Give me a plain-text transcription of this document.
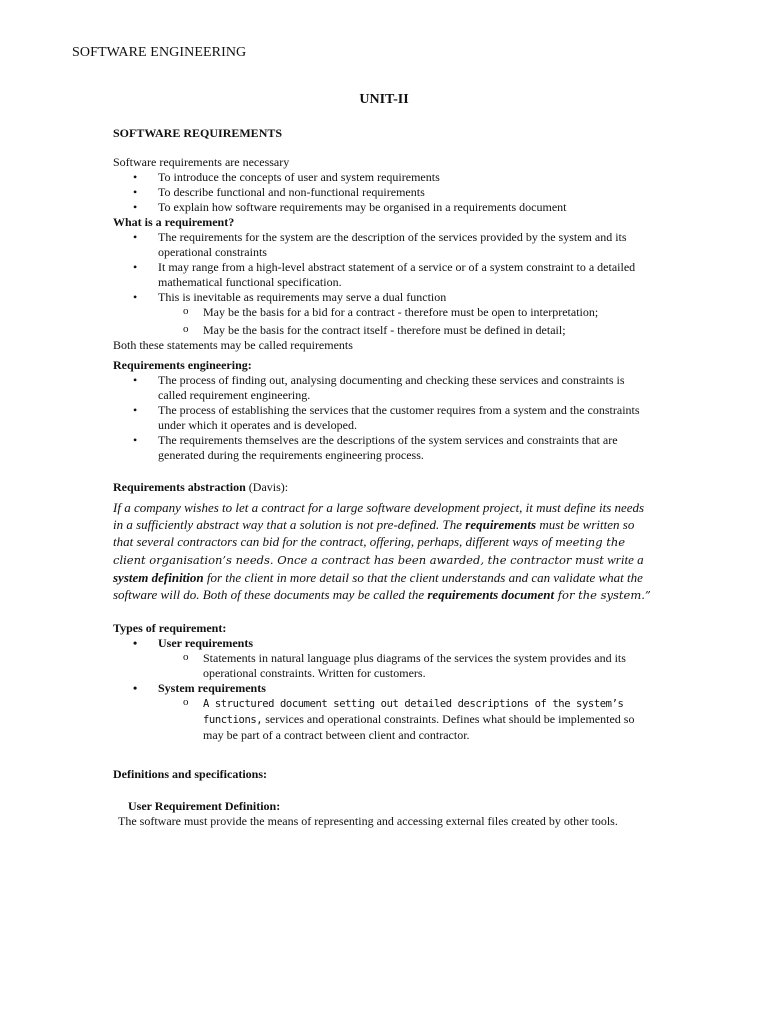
SOFTWARE ENGINEERING
UNIT-II
SOFTWARE REQUIREMENTS
Software requirements are necessary
• To introduce the concepts of user and system requirements
• To describe functional and non-functional requirements
• To explain how software requirements may be organised in a requirements document
What is a requirement?
• The requirements for the system are the description of the services provided by the system and its operational constraints
• It may range from a high-level abstract statement of a service or of a system constraint to a detailed mathematical functional specification.
• This is inevitable as requirements may serve a dual function
o May be the basis for a bid for a contract - therefore must be open to interpretation;
o May be the basis for the contract itself - therefore must be defined in detail;
Both these statements may be called requirements
Requirements engineering:
• The process of finding out, analysing documenting and checking these services and constraints is called requirement engineering.
• The process of establishing the services that the customer requires from a system and the constraints under which it operates and is developed.
• The requirements themselves are the descriptions of the system services and constraints that are generated during the requirements engineering process.
Requirements abstraction (Davis):
If a company wishes to let a contract for a large software development project, it must define its needs in a sufficiently abstract way that a solution is not pre-defined. The requirements must be written so that several contractors can bid for the contract, offering, perhaps, different ways of meeting the client organisation’s needs. Once a contract has been awarded, the contractor must write a system definition for the client in more detail so that the client understands and can validate what the software will do. Both of these documents may be called the requirements document for the system.”
Types of requirement:
• User requirements
o Statements in natural language plus diagrams of the services the system provides and its operational constraints. Written for customers.
• System requirements
o A structured document setting out detailed descriptions of the system’s functions, services and operational constraints. Defines what should be implemented so may be part of a contract between client and contractor.
Definitions and specifications:
User Requirement Definition:
The software must provide the means of representing and accessing external files created by other tools.
